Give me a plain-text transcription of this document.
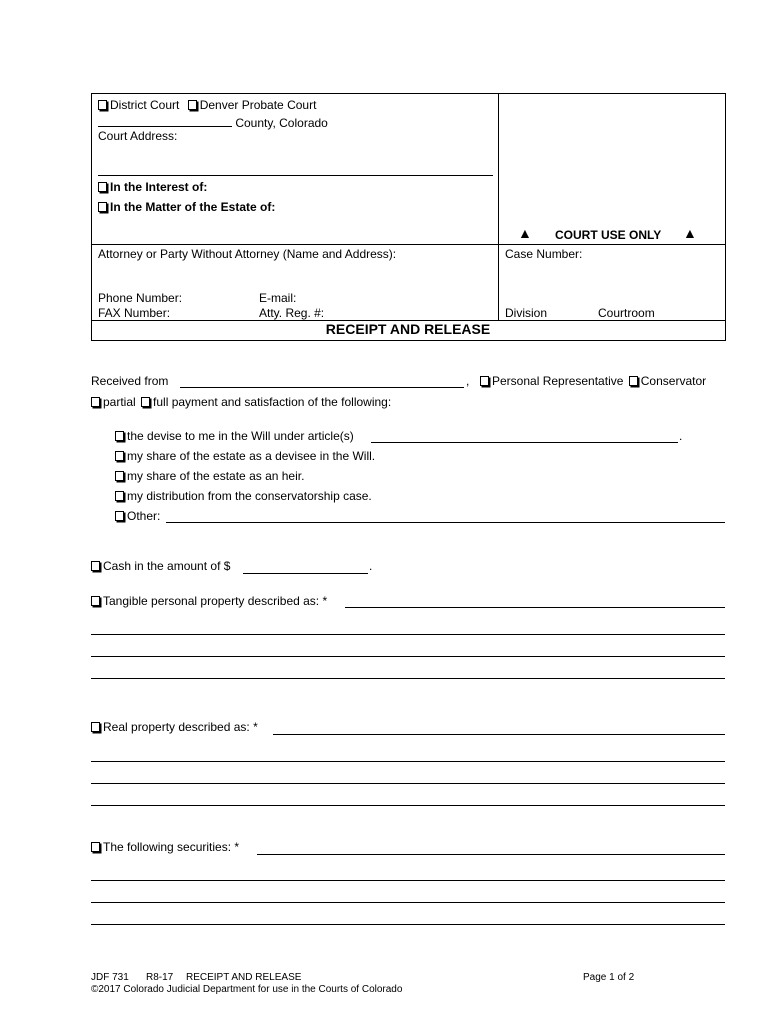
District Court Denver Probate Court
County, Colorado
Court Address:
In the Interest of:
In the Matter of the Estate of:
▲ COURT USE ONLY ▲
Attorney or Party Without Attorney (Name and Address):	Case Number:
Phone Number:	E-mail:
FAX Number:	Atty. Reg. #:	Division	Courtroom
RECEIPT AND RELEASE
Received from	,	Personal Representative Conservator
partial full payment and satisfaction of the following:
the devise to me in the Will under article(s)	.
my share of the estate as a devisee in the Will.
my share of the estate as an heir.
my distribution from the conservatorship case.
Other:
Cash in the amount of $	.
Tangible personal property described as: *
Real property described as: *
The following securities: *
JDF 731 R8-17 RECEIPT AND RELEASE	Page 1 of 2
©2017 Colorado Judicial Department for use in the Courts of Colorado
